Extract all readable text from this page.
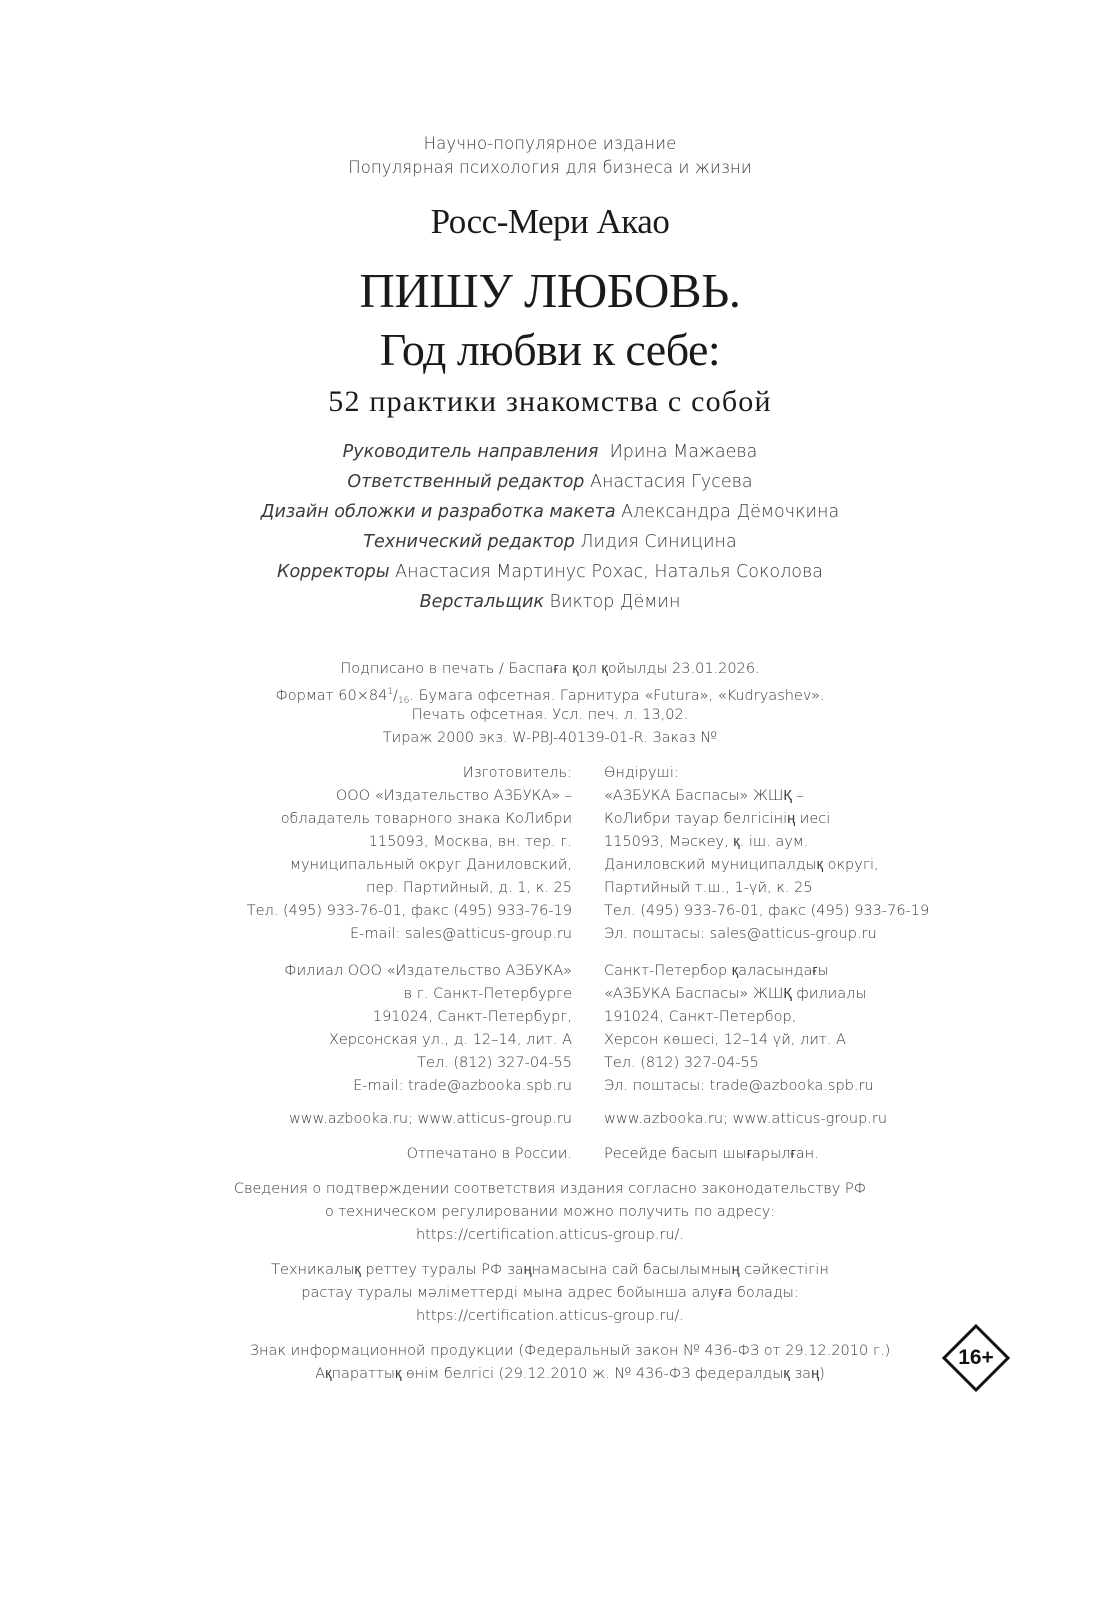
Научно-популярное издание
Популярная психология для бизнеса и жизни
Росс-Мери Акао
ПИШУ ЛЮБОВЬ.
Год любви к себе:
52 практики знакомства с собой
Руководитель направления Ирина Мажаева
Ответственный редактор Анастасия Гусева
Дизайн обложки и разработка макета Александра Дёмочкина
Технический редактор Лидия Синицина
Корректоры Анастасия Мартинус Рохас, Наталья Соколова
Верстальщик Виктор Дёмин
Подписано в печать / Баспаға қол қойылды 23.01.2026.
Формат $60\times 84^1/_{16}$. Бумага офсетная. Гарнитура «Futura», «Kudryashev».
Печать офсетная. Усл. печ. л. 13,02.
Тираж 2000 экз. W-PBJ-40139-01-R. Заказ №
Изготовитель:
ООО «Издательство АЗБУКА» –
обладатель товарного знака КоЛибри
115093, Москва, вн. тер. г.
муниципальный округ Даниловский,
пер. Партийный, д. 1, к. 25
Тел. (495) 933-76-01, факс (495) 933-76-19
E-mail: sales@atticus-group.ru
Өндіруші:
«АЗБУКА Баспасы» ЖШҚ –
КоЛибри тауар белгісінің иесі
115093, Мәскеу, қ. іш. аум.
Даниловский муниципалдық округі,
Партийный т.ш., 1-үй, к. 25
Тел. (495) 933-76-01, факс (495) 933-76-19
Эл. поштасы: sales@atticus-group.ru
Филиал ООО «Издательство АЗБУКА»
в г. Санкт-Петербурге
191024, Санкт-Петербург,
Херсонская ул., д. 12–14, лит. А
Тел. (812) 327-04-55
E-mail: trade@azbooka.spb.ru
Санкт-Петербор қаласындағы
«АЗБУКА Баспасы» ЖШҚ филиалы
191024, Санкт-Петербор,
Херсон көшесі, 12–14 үй, лит. А
Тел. (812) 327-04-55
Эл. поштасы: trade@azbooka.spb.ru
www.azbooka.ru; www.atticus-group.ru www.azbooka.ru; www.atticus-group.ru
Отпечатано в России. Ресейде басып шығарылған.
Сведения о подтверждении соответствия издания согласно законодательству РФ
о техническом регулировании можно получить по адресу:
https://certification.atticus-group.ru/.
Техникалық реттеу туралы РФ заңнамасына сай басылымның сәйкестігін
растау туралы мәліметтерді мына адрес бойынша алуға болады:
https://certification.atticus-group.ru/.
Знак информационной продукции (Федеральный закон № 436-ФЗ от 29.12.2010 г.)
Ақпараттық өнім белгісі (29.12.2010 ж. № 436-ФЗ федералдық заң)
16+
